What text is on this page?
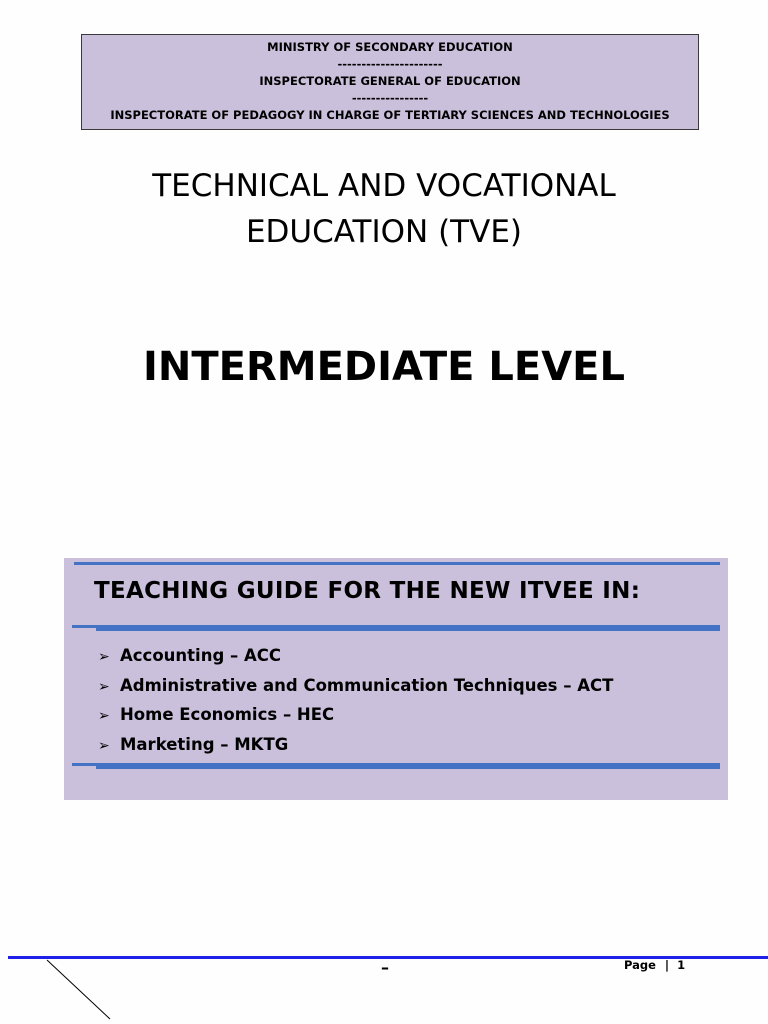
MINISTRY OF SECONDARY EDUCATION
----------------------
INSPECTORATE GENERAL OF EDUCATION
----------------
INSPECTORATE OF PEDAGOGY IN CHARGE OF TERTIARY SCIENCES AND TECHNOLOGIES
TECHNICAL AND VOCATIONAL
EDUCATION (TVE)
INTERMEDIATE LEVEL
TEACHING GUIDE FOR THE NEW ITVEE IN:
➢ Accounting – ACC
➢ Administrative and Communication Techniques – ACT
➢ Home Economics – HEC
➢ Marketing – MKTG
–	Page | 1
